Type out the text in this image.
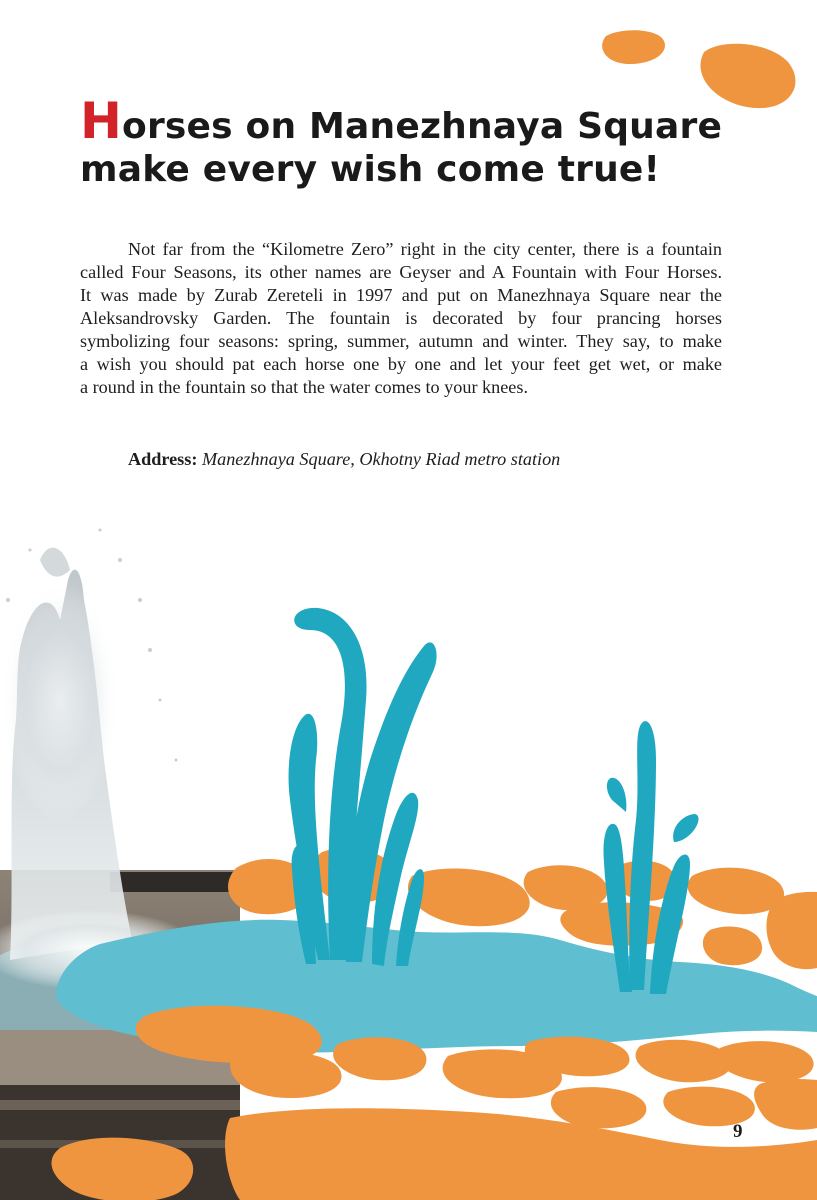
Horses on Manezhnaya Square
make every wish come true!

Not far from the “Kilometre Zero” right in the city center, there is a fountain
called Four Seasons, its other names are Geyser and A Fountain with Four Horses.
It was made by Zurab Zereteli in 1997 and put on Manezhnaya Square near the
Aleksandrovsky Garden. The fountain is decorated by four prancing horses
symbolizing four seasons: spring, summer, autumn and winter. They say, to make
a wish you should pat each horse one by one and let your feet get wet, or make
a round in the fountain so that the water comes to your knees.

Address: Manezhnaya Square, Okhotny Riad metro station

9
